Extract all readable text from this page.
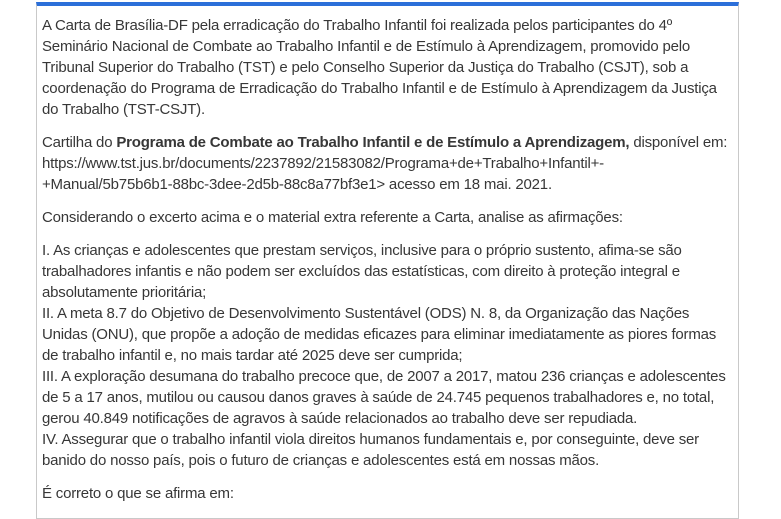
A Carta de Brasília-DF pela erradicação do Trabalho Infantil foi realizada pelos participantes do 4º Seminário Nacional de Combate ao Trabalho Infantil e de Estímulo à Aprendizagem, promovido pelo Tribunal Superior do Trabalho (TST) e pelo Conselho Superior da Justiça do Trabalho (CSJT), sob a coordenação do Programa de Erradicação do Trabalho Infantil e de Estímulo à Aprendizagem da Justiça do Trabalho (TST-CSJT).

Cartilha do Programa de Combate ao Trabalho Infantil e de Estímulo a Aprendizagem, disponível em: https://www.tst.jus.br/documents/2237892/21583082/Programa+de+Trabalho+Infantil+-
+Manual/5b75b6b1-88bc-3dee-2d5b-88c8a77bf3e1> acesso em 18 mai. 2021.

Considerando o excerto acima e o material extra referente a Carta, analise as afirmações:

I. As crianças e adolescentes que prestam serviços, inclusive para o próprio sustento, afima-se são trabalhadores infantis e não podem ser excluídos das estatísticas, com direito à proteção integral e absolutamente prioritária;
II. A meta 8.7 do Objetivo de Desenvolvimento Sustentável (ODS) N. 8, da Organização das Nações Unidas (ONU), que propõe a adoção de medidas eficazes para eliminar imediatamente as piores formas de trabalho infantil e, no mais tardar até 2025 deve ser cumprida;
III. A exploração desumana do trabalho precoce que, de 2007 a 2017, matou 236 crianças e adolescentes de 5 a 17 anos, mutilou ou causou danos graves à saúde de 24.745 pequenos trabalhadores e, no total, gerou 40.849 notificações de agravos à saúde relacionados ao trabalho deve ser repudiada.
IV. Assegurar que o trabalho infantil viola direitos humanos fundamentais e, por conseguinte, deve ser banido do nosso país, pois o futuro de crianças e adolescentes está em nossas mãos.

É correto o que se afirma em:
